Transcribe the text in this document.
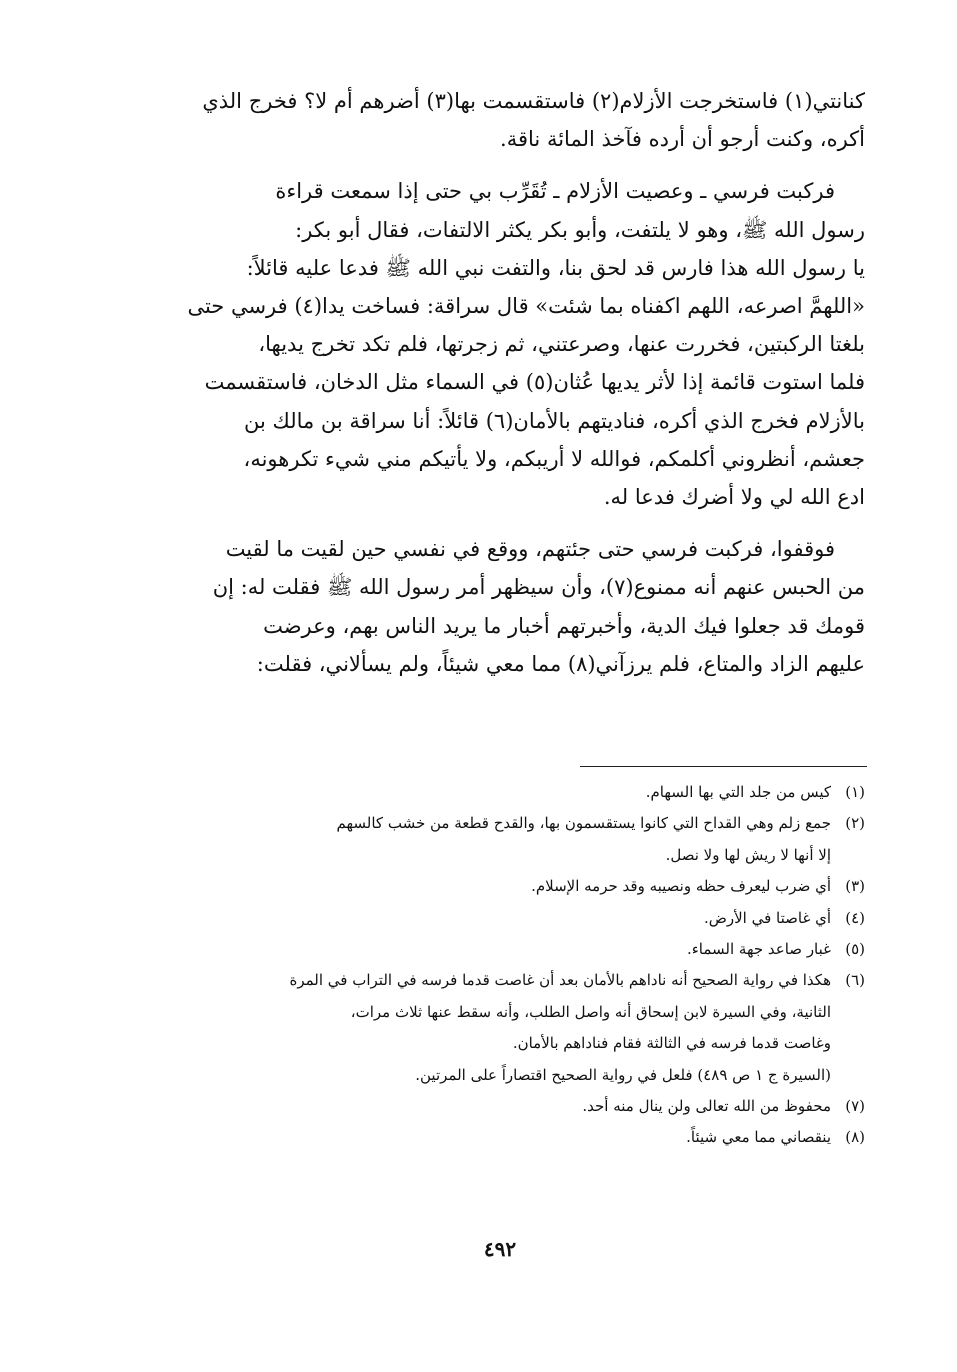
كنانتي(١) فاستخرجت الأزلام(٢) فاستقسمت بها(٣) أضرهم أم لا؟ فخرج الذي

أكره، وكنت أرجو أن أرده فآخذ المائة ناقة.

فركبت فرسي ـ وعصيت الأزلام ـ تُقَرِّب بي حتى إذا سمعت قراءة

رسول الله ﷺ، وهو لا يلتفت، وأبو بكر يكثر الالتفات، فقال أبو بكر:

يا رسول الله هذا فارس قد لحق بنا، والتفت نبي الله ﷺ فدعا عليه قائلاً:

«اللهمَّ اصرعه، اللهم اكفناه بما شئت» قال سراقة: فساخت يدا(٤) فرسي حتى

بلغتا الركبتين، فخررت عنها، وصرعتني، ثم زجرتها، فلم تكد تخرج يديها،

فلما استوت قائمة إذا لأثر يديها عُثان(٥) في السماء مثل الدخان، فاستقسمت

بالأزلام فخرج الذي أكره، فناديتهم بالأمان(٦) قائلاً: أنا سراقة بن مالك بن

جعشم، أنظروني أكلمكم، فوالله لا أريبكم، ولا يأتيكم مني شيء تكرهونه،

ادع الله لي ولا أضرك فدعا له.

فوقفوا، فركبت فرسي حتى جئتهم، ووقع في نفسي حين لقيت ما لقيت

من الحبس عنهم أنه ممنوع(٧)، وأن سيظهر أمر رسول الله ﷺ فقلت له: إن

قومك قد جعلوا فيك الدية، وأخبرتهم أخبار ما يريد الناس بهم، وعرضت

عليهم الزاد والمتاع، فلم يرزآني(٨) مما معي شيئاً، ولم يسألاني، فقلت:

(١)
كيس من جلد التي بها السهام.
(٢)
جمع زلم وهي القداح التي كانوا يستقسمون بها، والقدح قطعة من خشب كالسهم
إلا أنها لا ريش لها ولا نصل.
(٣)
أي ضرب ليعرف حظه ونصيبه وقد حرمه الإسلام.
(٤)
أي غاصتا في الأرض.
(٥)
غبار صاعد جهة السماء.
(٦)
هكذا في رواية الصحيح أنه ناداهم بالأمان بعد أن غاصت قدما فرسه في التراب في المرة
الثانية، وفي السيرة لابن إسحاق أنه واصل الطلب، وأنه سقط عنها ثلاث مرات،
وغاصت قدما فرسه في الثالثة فقام فناداهم بالأمان.
(السيرة ج ١ ص ٤٨٩) فلعل في رواية الصحيح اقتصاراً على المرتين.
(٧)
محفوظ من الله تعالى ولن ينال منه أحد.
(٨)
ينقصاني مما معي شيئاً.
٤٩٢
